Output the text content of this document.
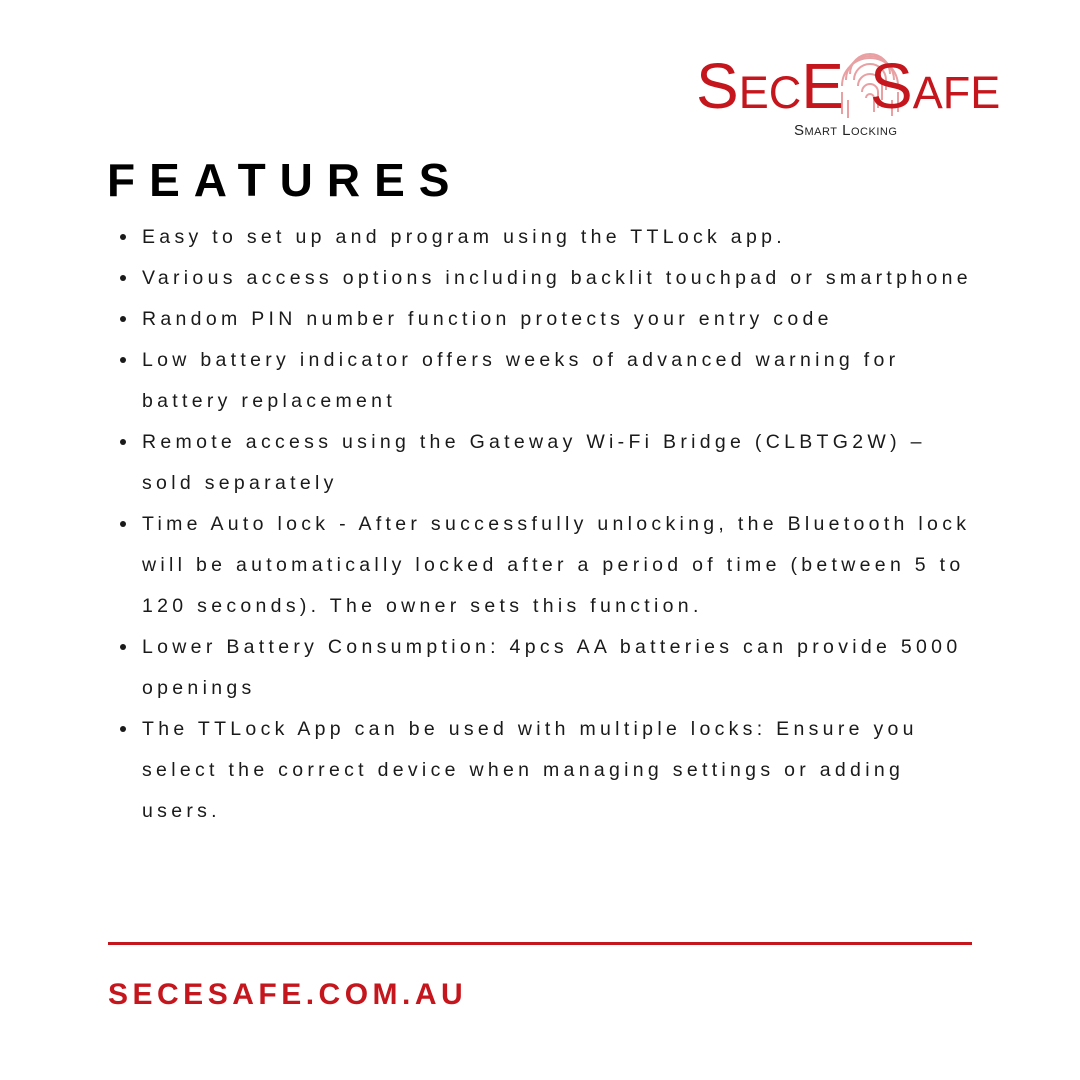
SecE Safe
Smart Locking
FEATURES
Easy to set up and program using the TTLock app.
Various access options including backlit touchpad or smartphone
Random PIN number function protects your entry code
Low battery indicator offers weeks of advanced warning for battery replacement
Remote access using the Gateway Wi-Fi Bridge (CLBTG2W) – sold separately
Time Auto lock - After successfully unlocking, the Bluetooth lock will be automatically locked after a period of time (between 5 to 120 seconds). The owner sets this function.
Lower Battery Consumption: 4pcs AA batteries can provide 5000 openings
The TTLock App can be used with multiple locks: Ensure you select the correct device when managing settings or adding users.
SECESAFE.COM.AU
